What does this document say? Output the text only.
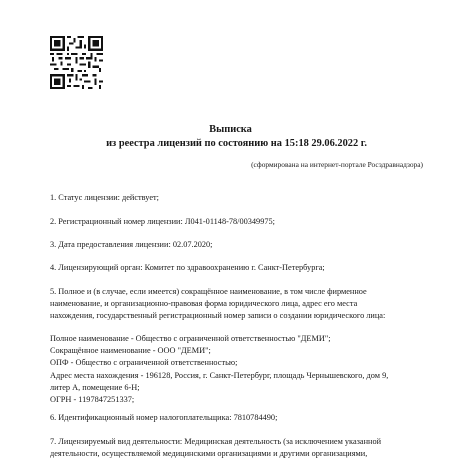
Выписка
из реестра лицензий по состоянию на 15:18 29.06.2022 г.
(сформирована на интернет-портале Росздравнадзора)
1. Статус лицензии: действует;
2. Регистрационный номер лицензии: Л041-01148-78/00349975;
3. Дата предоставления лицензии: 02.07.2020;
4. Лицензирующий орган: Комитет по здравоохранению г. Санкт-Петербурга;
5. Полное и (в случае, если имеется) сокращённое наименование, в том числе фирменное
наименование, и организационно-правовая форма юридического лица, адрес его места
нахождения, государственный регистрационный номер записи о создании юридического лица:
Полное наименование - Общество с ограниченной ответственностью "ДЕМИ";
Сокращённое наименование - ООО "ДЕМИ";
ОПФ - Общество с ограниченной ответственностью;
Адрес места нахождения - 196128, Россия, г. Санкт-Петербург, площадь Чернышевского, дом 9,
литер А, помещение 6-Н;
ОГРН - 1197847251337;
6. Идентификационный номер налогоплательщика: 7810784490;
7. Лицензируемый вид деятельности: Медицинская деятельность (за исключением указанной
деятельности, осуществляемой медицинскими организациями и другими организациями,
